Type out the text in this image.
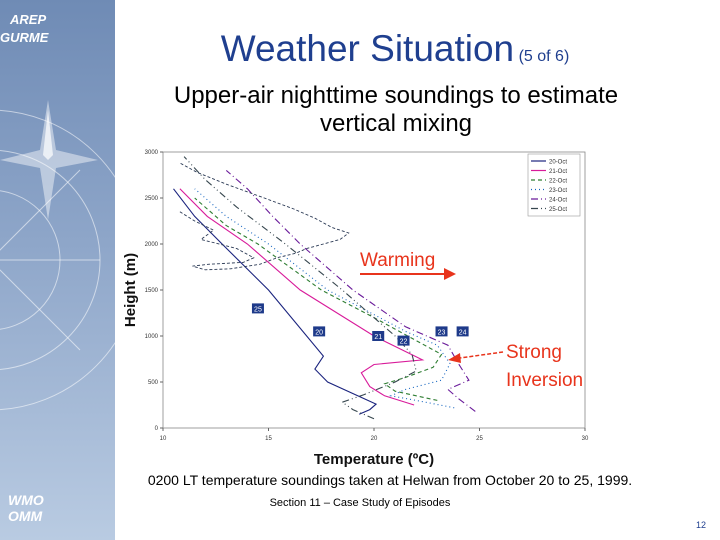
AREP
GURME
WMO
OMM
Weather Situation (5 of 6)
Upper-air nighttime soundings to estimate
vertical mixing
10	15	20	25	30
0
500
1000
1500
2000
2500
3000
Temperature (ºC)
Height (m)	25
20
21
22
23 24
20-Oct
21-Oct
22-Oct
23-Oct
24-Oct
25-Oct
Warming
Strong
Inversion
0200 LT temperature soundings taken at Helwan from October 20 to 25, 1999.
Section 11 – Case Study of Episodes
12
